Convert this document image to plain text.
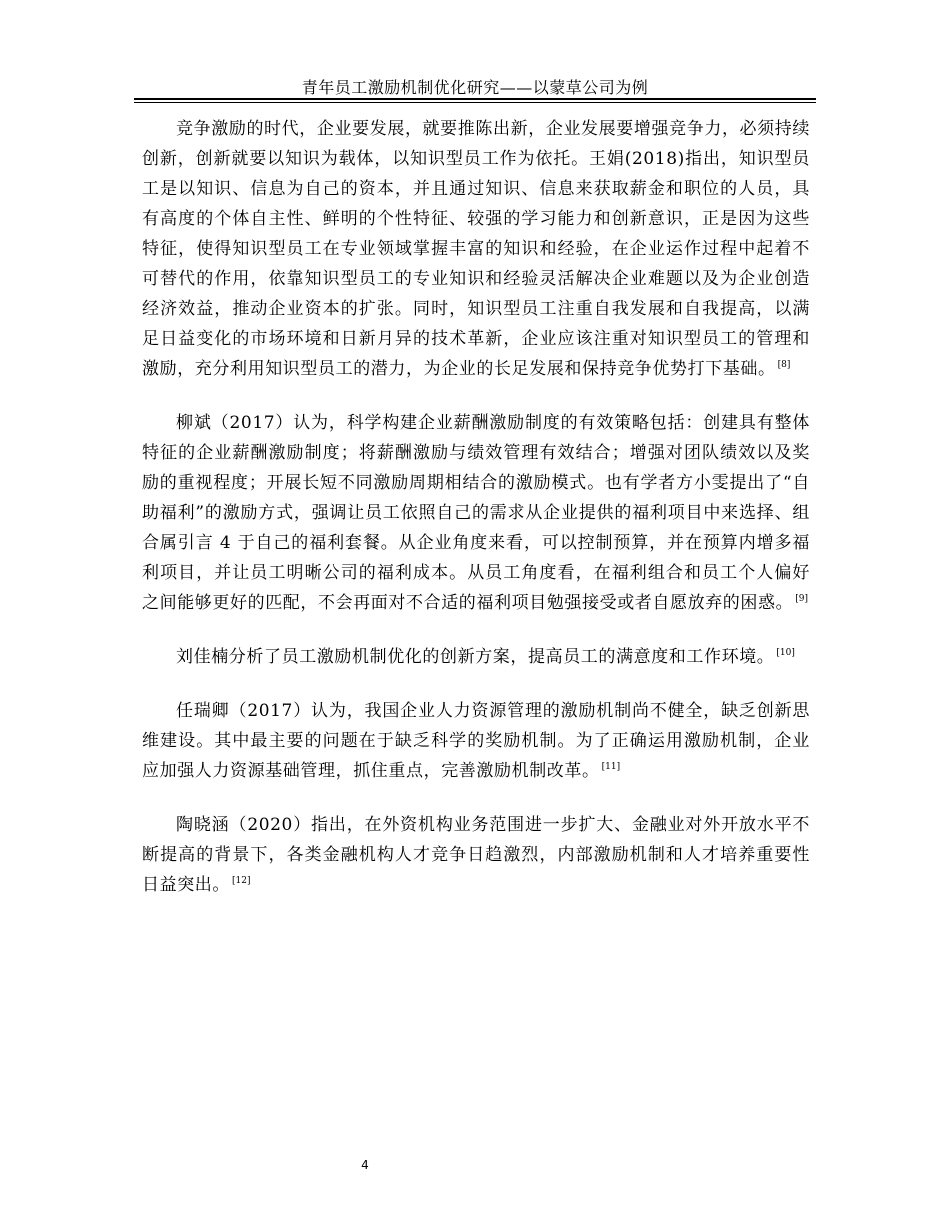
青年员工激励机制优化研究——以蒙草公司为例

竞争激励的时代，企业要发展，就要推陈出新，企业发展要增强竞争力，必须持续创新，创新就要以知识为载体，以知识型员工作为依托。王娟(2018)指出，知识型员工是以知识、信息为自己的资本，并且通过知识、信息来获取薪金和职位的人员，具有高度的个体自主性、鲜明的个性特征、较强的学习能力和创新意识，正是因为这些特征，使得知识型员工在专业领域掌握丰富的知识和经验，在企业运作过程中起着不可替代的作用，依靠知识型员工的专业知识和经验灵活解决企业难题以及为企业创造经济效益，推动企业资本的扩张。同时，知识型员工注重自我发展和自我提高，以满足日益变化的市场环境和日新月异的技术革新，企业应该注重对知识型员工的管理和激励，充分利用知识型员工的潜力，为企业的长足发展和保持竞争优势打下基础。 [8]

柳斌（2017）认为，科学构建企业薪酬激励制度的有效策略包括：创建具有整体特征的企业薪酬激励制度；将薪酬激励与绩效管理有效结合；增强对团队绩效以及奖励的重视程度；开展长短不同激励周期相结合的激励模式。也有学者方小雯提出了“自助福利”的激励方式，强调让员工依照自己的需求从企业提供的福利项目中来选择、组合属引言 4 于自己的福利套餐。从企业角度来看，可以控制预算，并在预算内增多福利项目，并让员工明晰公司的福利成本。从员工角度看，在福利组合和员工个人偏好之间能够更好的匹配，不会再面对不合适的福利项目勉强接受或者自愿放弃的困惑。 [9]

刘佳楠分析了员工激励机制优化的创新方案，提高员工的满意度和工作环境。 [10]

任瑞卿（2017）认为，我国企业人力资源管理的激励机制尚不健全，缺乏创新思维建设。其中最主要的问题在于缺乏科学的奖励机制。为了正确运用激励机制，企业应加强人力资源基础管理，抓住重点，完善激励机制改革。 [11]

陶晓涵（2020）指出，在外资机构业务范围进一步扩大、金融业对外开放水平不断提高的背景下，各类金融机构人才竞争日趋激烈，内部激励机制和人才培养重要性日益突出。 [12]

4
